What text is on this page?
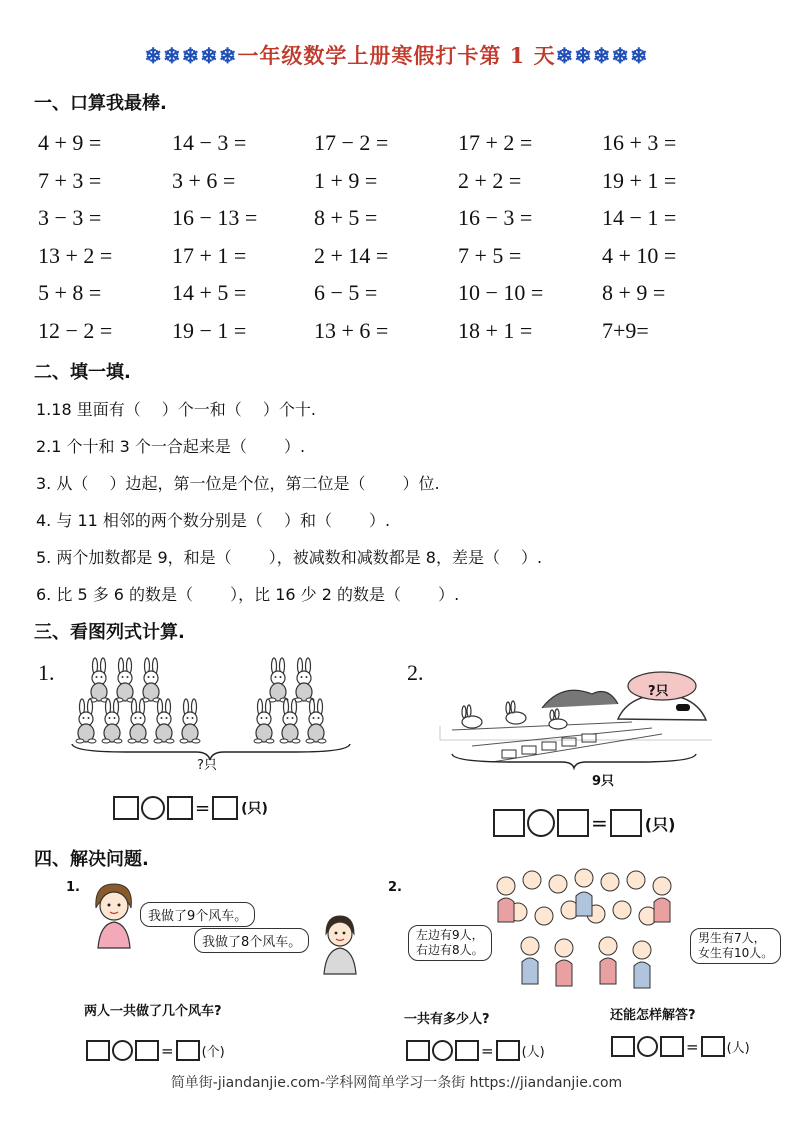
❄❄❄❄❄一年级数学上册寒假打卡第 1 天❄❄❄❄❄
一、口算我最棒.
4 + 9 =	14 − 3 =	17 − 2 =	17 + 2 =	16 + 3 =
7 + 3 =	3 + 6 =	1 + 9 =	2 + 2 =	19 + 1 =
3 − 3 =	16 − 13 =	8 + 5 =	16 − 3 =	14 − 1 =
13 + 2 =	17 + 1 =	2 + 14 =	7 + 5 =	4 + 10 =
5 + 8 =	14 + 5 =	6 − 5 =	10 − 10 =	8 + 9 =
12 − 2 =	19 − 1 =	13 + 6 =	18 + 1 =	7+9=
二、填一填.
1.18 里面有（　 ）个一和（　 ）个十.
2.1 个十和 3 个一合起来是（　　 ）.
3. 从（　 ）边起，第一位是个位，第二位是（　　 ）位.
4. 与 11 相邻的两个数分别是（　 ）和（　　 ）.
5. 两个加数都是 9，和是（　　 ），被减数和减数都是 8，差是（　 ）.
6. 比 5 多 6 的数是（　　 ），比 16 少 2 的数是（　　 ）.
三、看图列式计算.
1.
?只
= (只)
2.
?只
9只
= (只)
四、解决问题.
1.
我做了9个风车。
我做了8个风车。
两人一共做了几个风车?
= (个)
2.
左边有9人，
右边有8人。
男生有7人，
女生有10人。
一共有多少人?
= (人)
还能怎样解答?
= (人)
简单街-jiandanjie.com-学科网简单学习一条街 https://jiandanjie.com
